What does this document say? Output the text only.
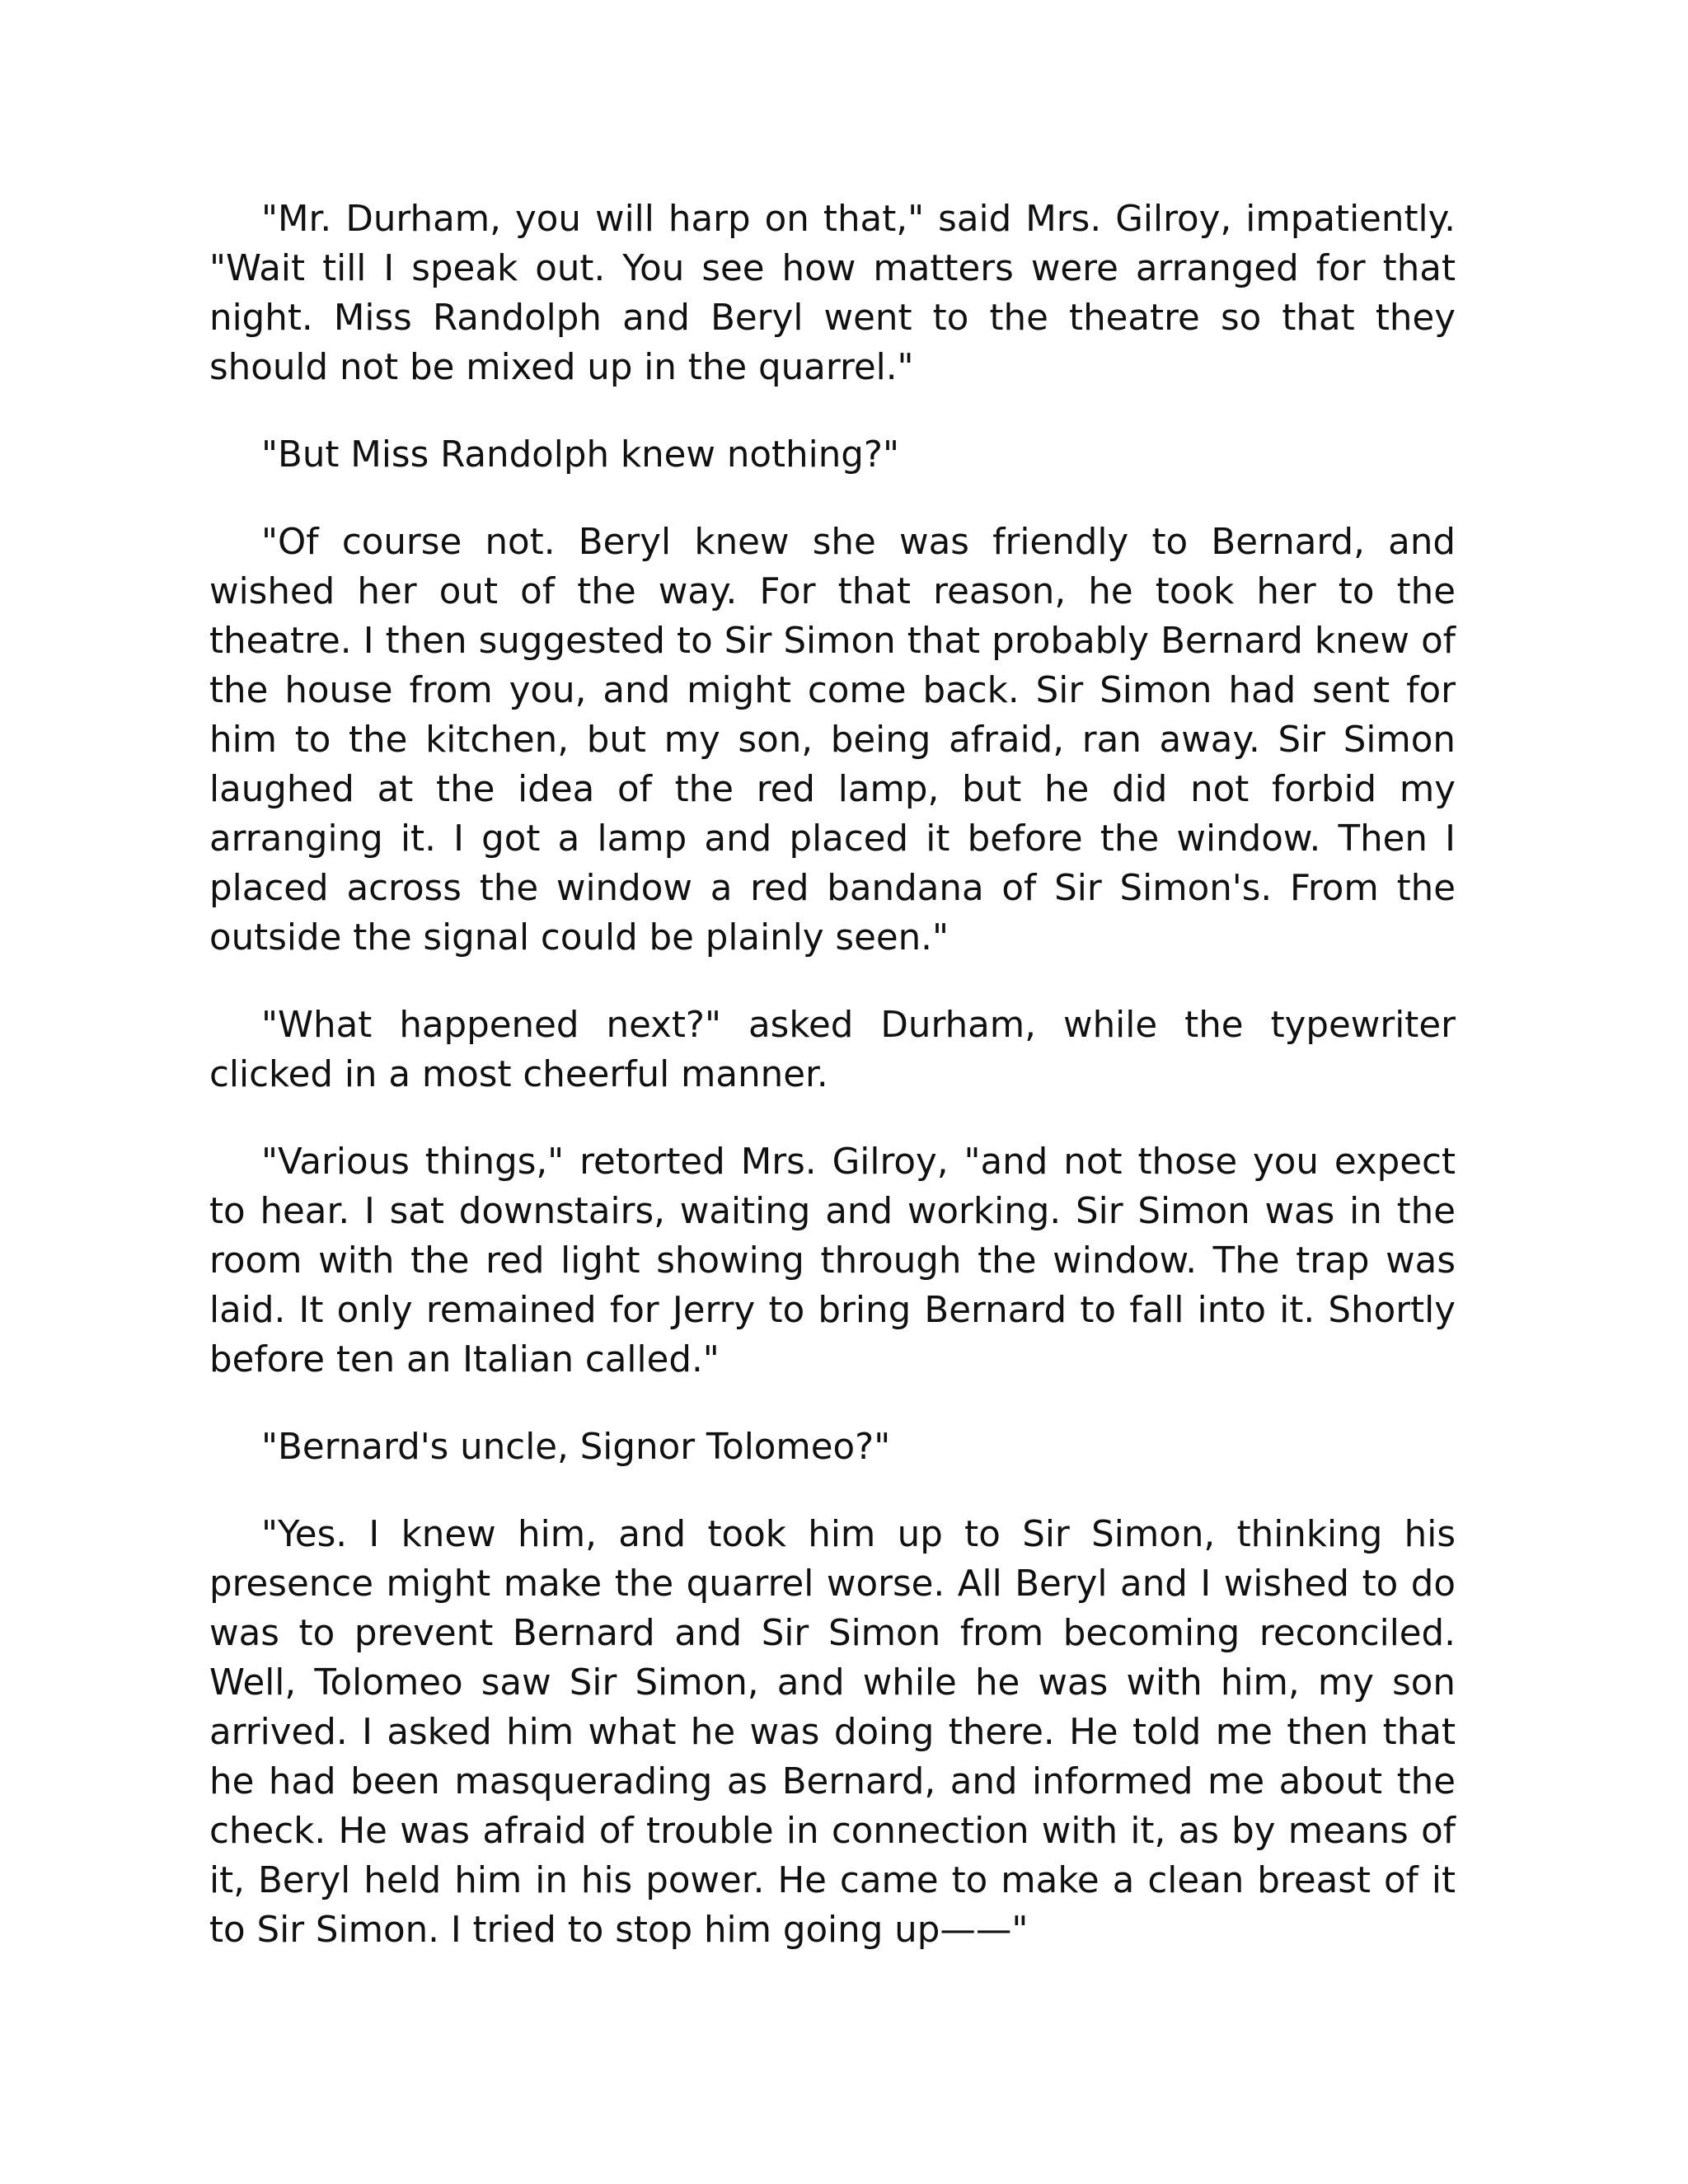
"Mr. Durham, you will harp on that," said Mrs. Gilroy, impatiently. "Wait till I speak out. You see how matters were arranged for that night. Miss Randolph and Beryl went to the theatre so that they should not be mixed up in the quarrel."

"But Miss Randolph knew nothing?"

"Of course not. Beryl knew she was friendly to Bernard, and wished her out of the way. For that reason, he took her to the theatre. I then suggested to Sir Simon that probably Bernard knew of the house from you, and might come back. Sir Simon had sent for him to the kitchen, but my son, being afraid, ran away. Sir Simon laughed at the idea of the red lamp, but he did not forbid my arranging it. I got a lamp and placed it before the window. Then I placed across the window a red bandana of Sir Simon's. From the outside the signal could be plainly seen."

"What happened next?" asked Durham, while the typewriter clicked in a most cheerful manner.

"Various things," retorted Mrs. Gilroy, "and not those you expect to hear. I sat downstairs, waiting and working. Sir Simon was in the room with the red light showing through the window. The trap was laid. It only remained for Jerry to bring Bernard to fall into it. Shortly before ten an Italian called."

"Bernard's uncle, Signor Tolomeo?"

"Yes. I knew him, and took him up to Sir Simon, thinking his presence might make the quarrel worse. All Beryl and I wished to do was to prevent Bernard and Sir Simon from becoming reconciled. Well, Tolomeo saw Sir Simon, and while he was with him, my son arrived. I asked him what he was doing there. He told me then that he had been masquerading as Bernard, and informed me about the check. He was afraid of trouble in connection with it, as by means of it, Beryl held him in his power. He came to make a clean breast of it to Sir Simon. I tried to stop him going up——"
